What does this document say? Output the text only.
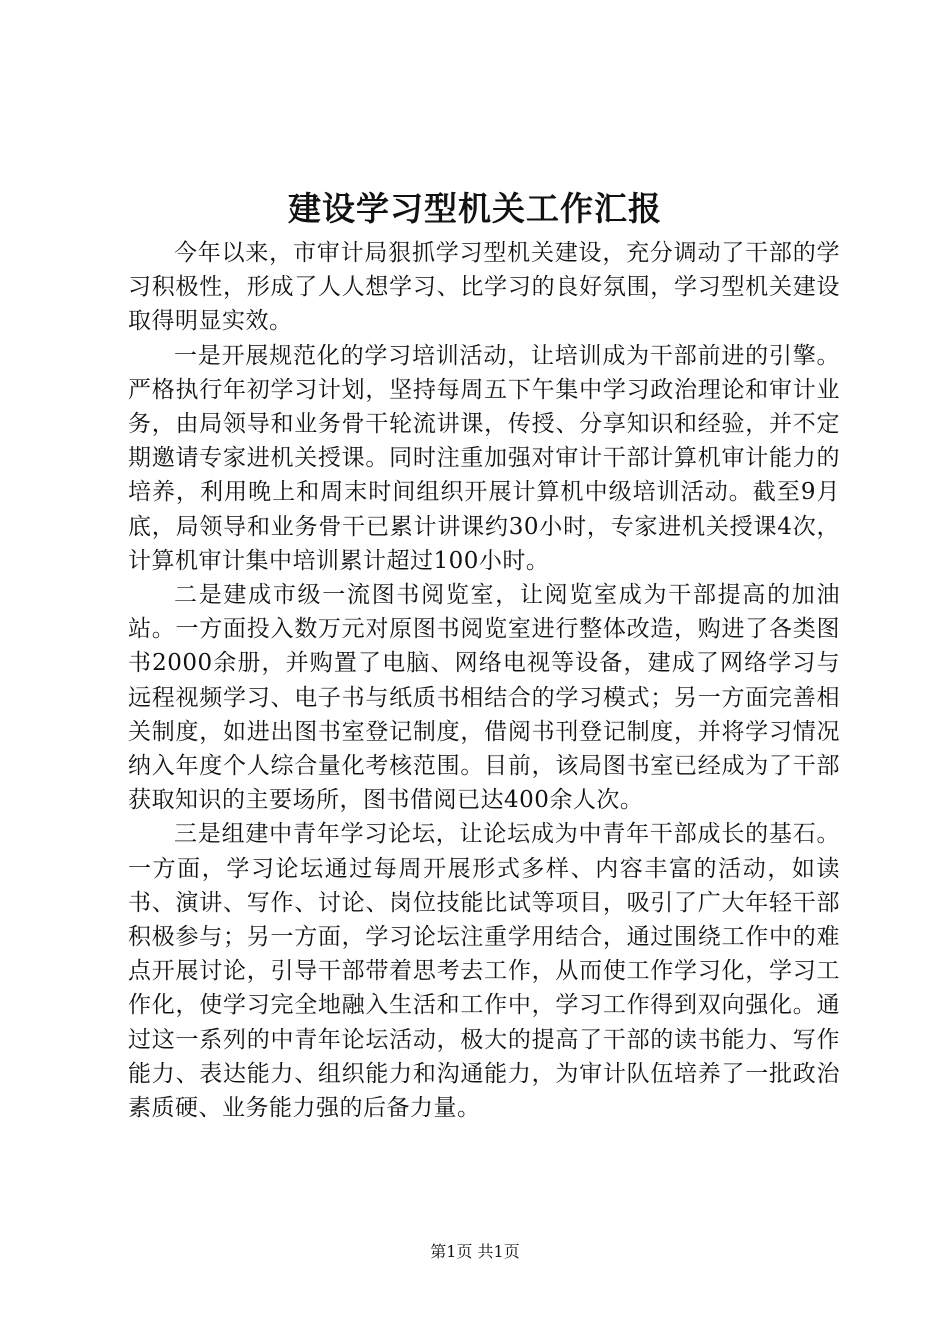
建设学习型机关工作汇报

今年以来，市审计局狠抓学习型机关建设，充分调动了干部的学习积极性，形成了人人想学习、比学习的良好氛围，学习型机关建设取得明显实效。

一是开展规范化的学习培训活动，让培训成为干部前进的引擎。严格执行年初学习计划，坚持每周五下午集中学习政治理论和审计业务，由局领导和业务骨干轮流讲课，传授、分享知识和经验，并不定期邀请专家进机关授课。同时注重加强对审计干部计算机审计能力的培养，利用晚上和周末时间组织开展计算机中级培训活动。截至9月底，局领导和业务骨干已累计讲课约30小时，专家进机关授课4次，计算机审计集中培训累计超过100小时。

二是建成市级一流图书阅览室，让阅览室成为干部提高的加油站。一方面投入数万元对原图书阅览室进行整体改造，购进了各类图书2000余册，并购置了电脑、网络电视等设备，建成了网络学习与远程视频学习、电子书与纸质书相结合的学习模式；另一方面完善相关制度，如进出图书室登记制度，借阅书刊登记制度，并将学习情况纳入年度个人综合量化考核范围。目前，该局图书室已经成为了干部获取知识的主要场所，图书借阅已达400余人次。

三是组建中青年学习论坛，让论坛成为中青年干部成长的基石。一方面，学习论坛通过每周开展形式多样、内容丰富的活动，如读书、演讲、写作、讨论、岗位技能比试等项目，吸引了广大年轻干部积极参与；另一方面，学习论坛注重学用结合，通过围绕工作中的难点开展讨论，引导干部带着思考去工作，从而使工作学习化，学习工作化，使学习完全地融入生活和工作中，学习工作得到双向强化。通过这一系列的中青年论坛活动，极大的提高了干部的读书能力、写作能力、表达能力、组织能力和沟通能力，为审计队伍培养了一批政治素质硬、业务能力强的后备力量。

第1页 共1页
